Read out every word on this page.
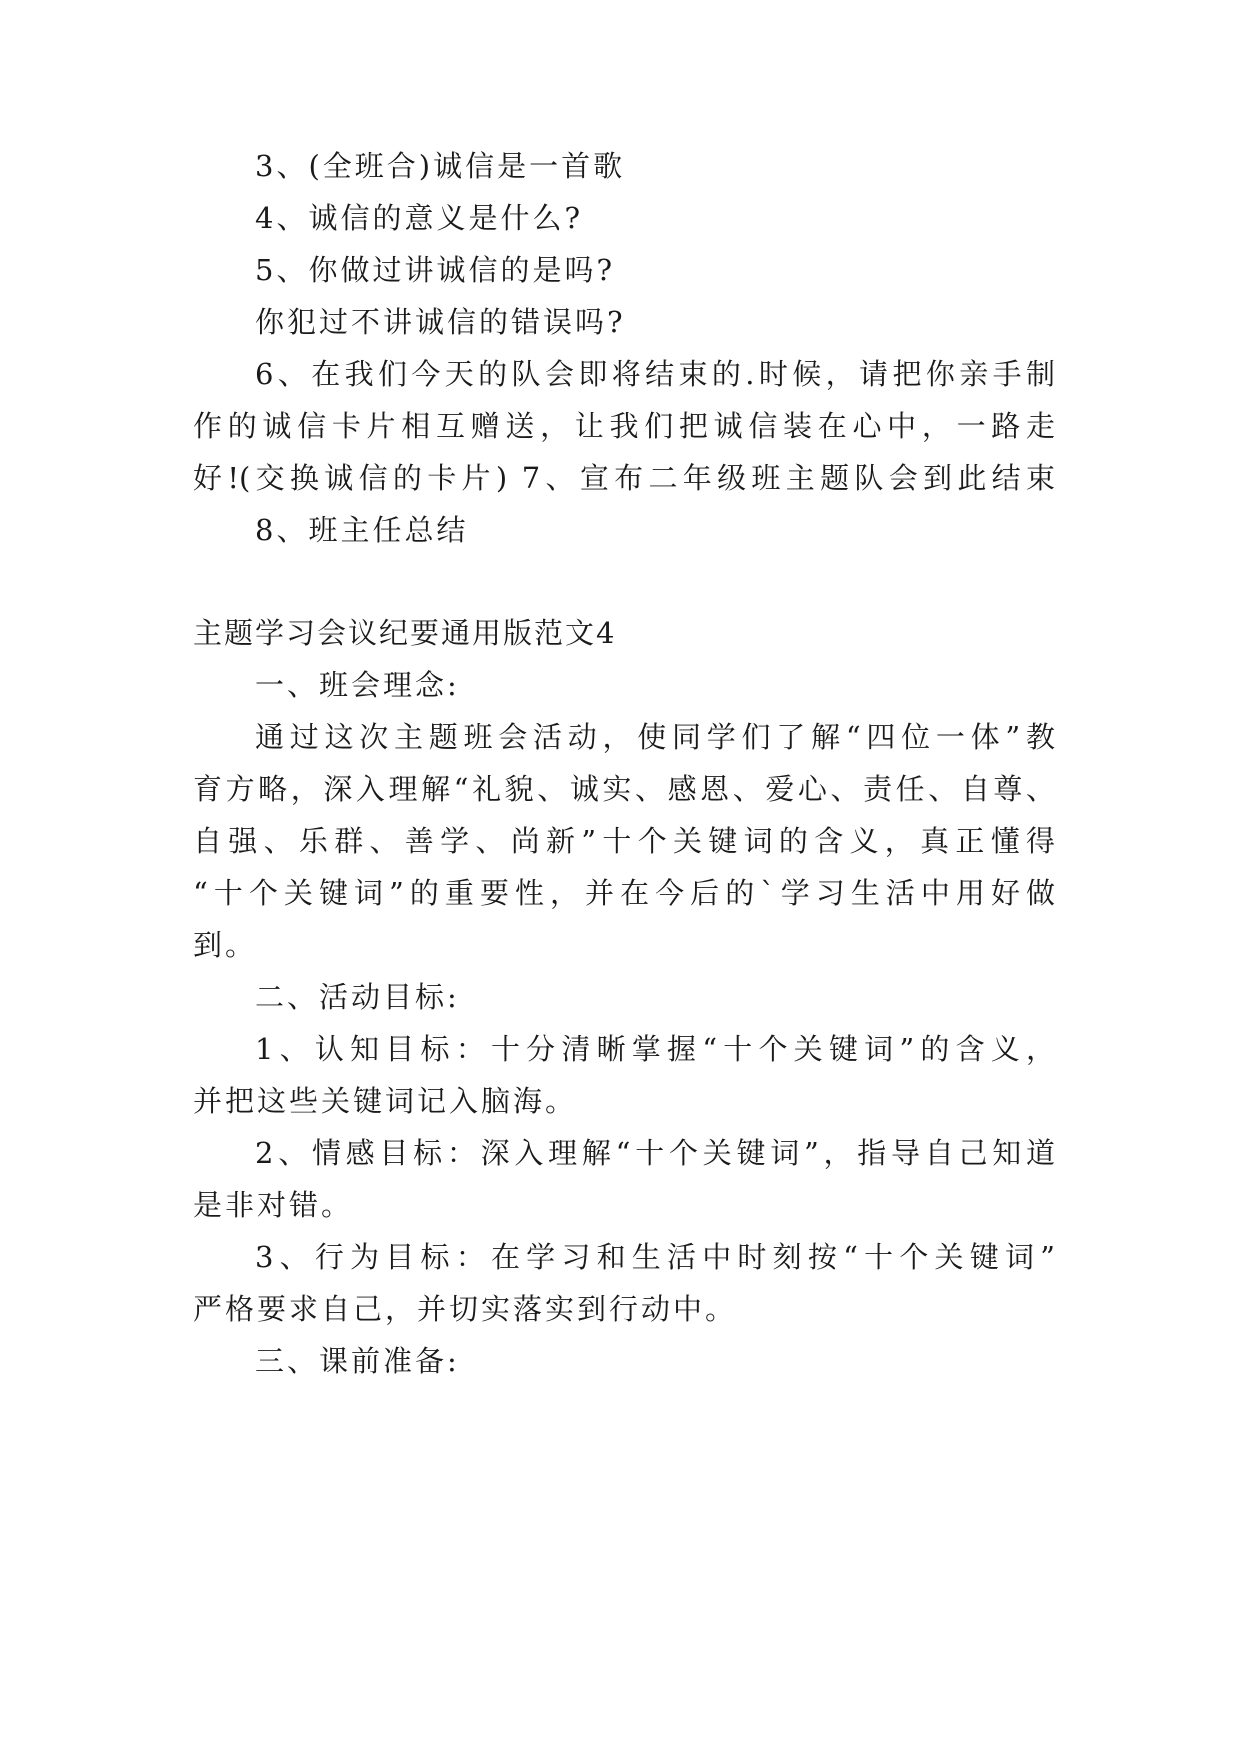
3、(全班合)诚信是一首歌
4、诚信的意义是什么?
5、你做过讲诚信的是吗?
你犯过不讲诚信的错误吗?
6、在我们今天的队会即将结束的.时候，请把你亲手制
作的诚信卡片相互赠送，让我们把诚信装在心中，一路走
好!(交换诚信的卡片) 7、宣布二年级班主题队会到此结束
8、班主任总结
主题学习会议纪要通用版范文4
一、班会理念:
通过这次主题班会活动，使同学们了解“四位一体”教
育方略，深入理解“礼貌、诚实、感恩、爱心、责任、自尊、
自强、乐群、善学、尚新”十个关键词的含义，真正懂得
“十个关键词”的重要性，并在今后的`学习生活中用好做
到。
二、活动目标:
1、认知目标：十分清晰掌握“十个关键词”的含义，
并把这些关键词记入脑海。
2、情感目标：深入理解“十个关键词”，指导自己知道
是非对错。
3、行为目标：在学习和生活中时刻按“十个关键词”
严格要求自己，并切实落实到行动中。
三、课前准备:
